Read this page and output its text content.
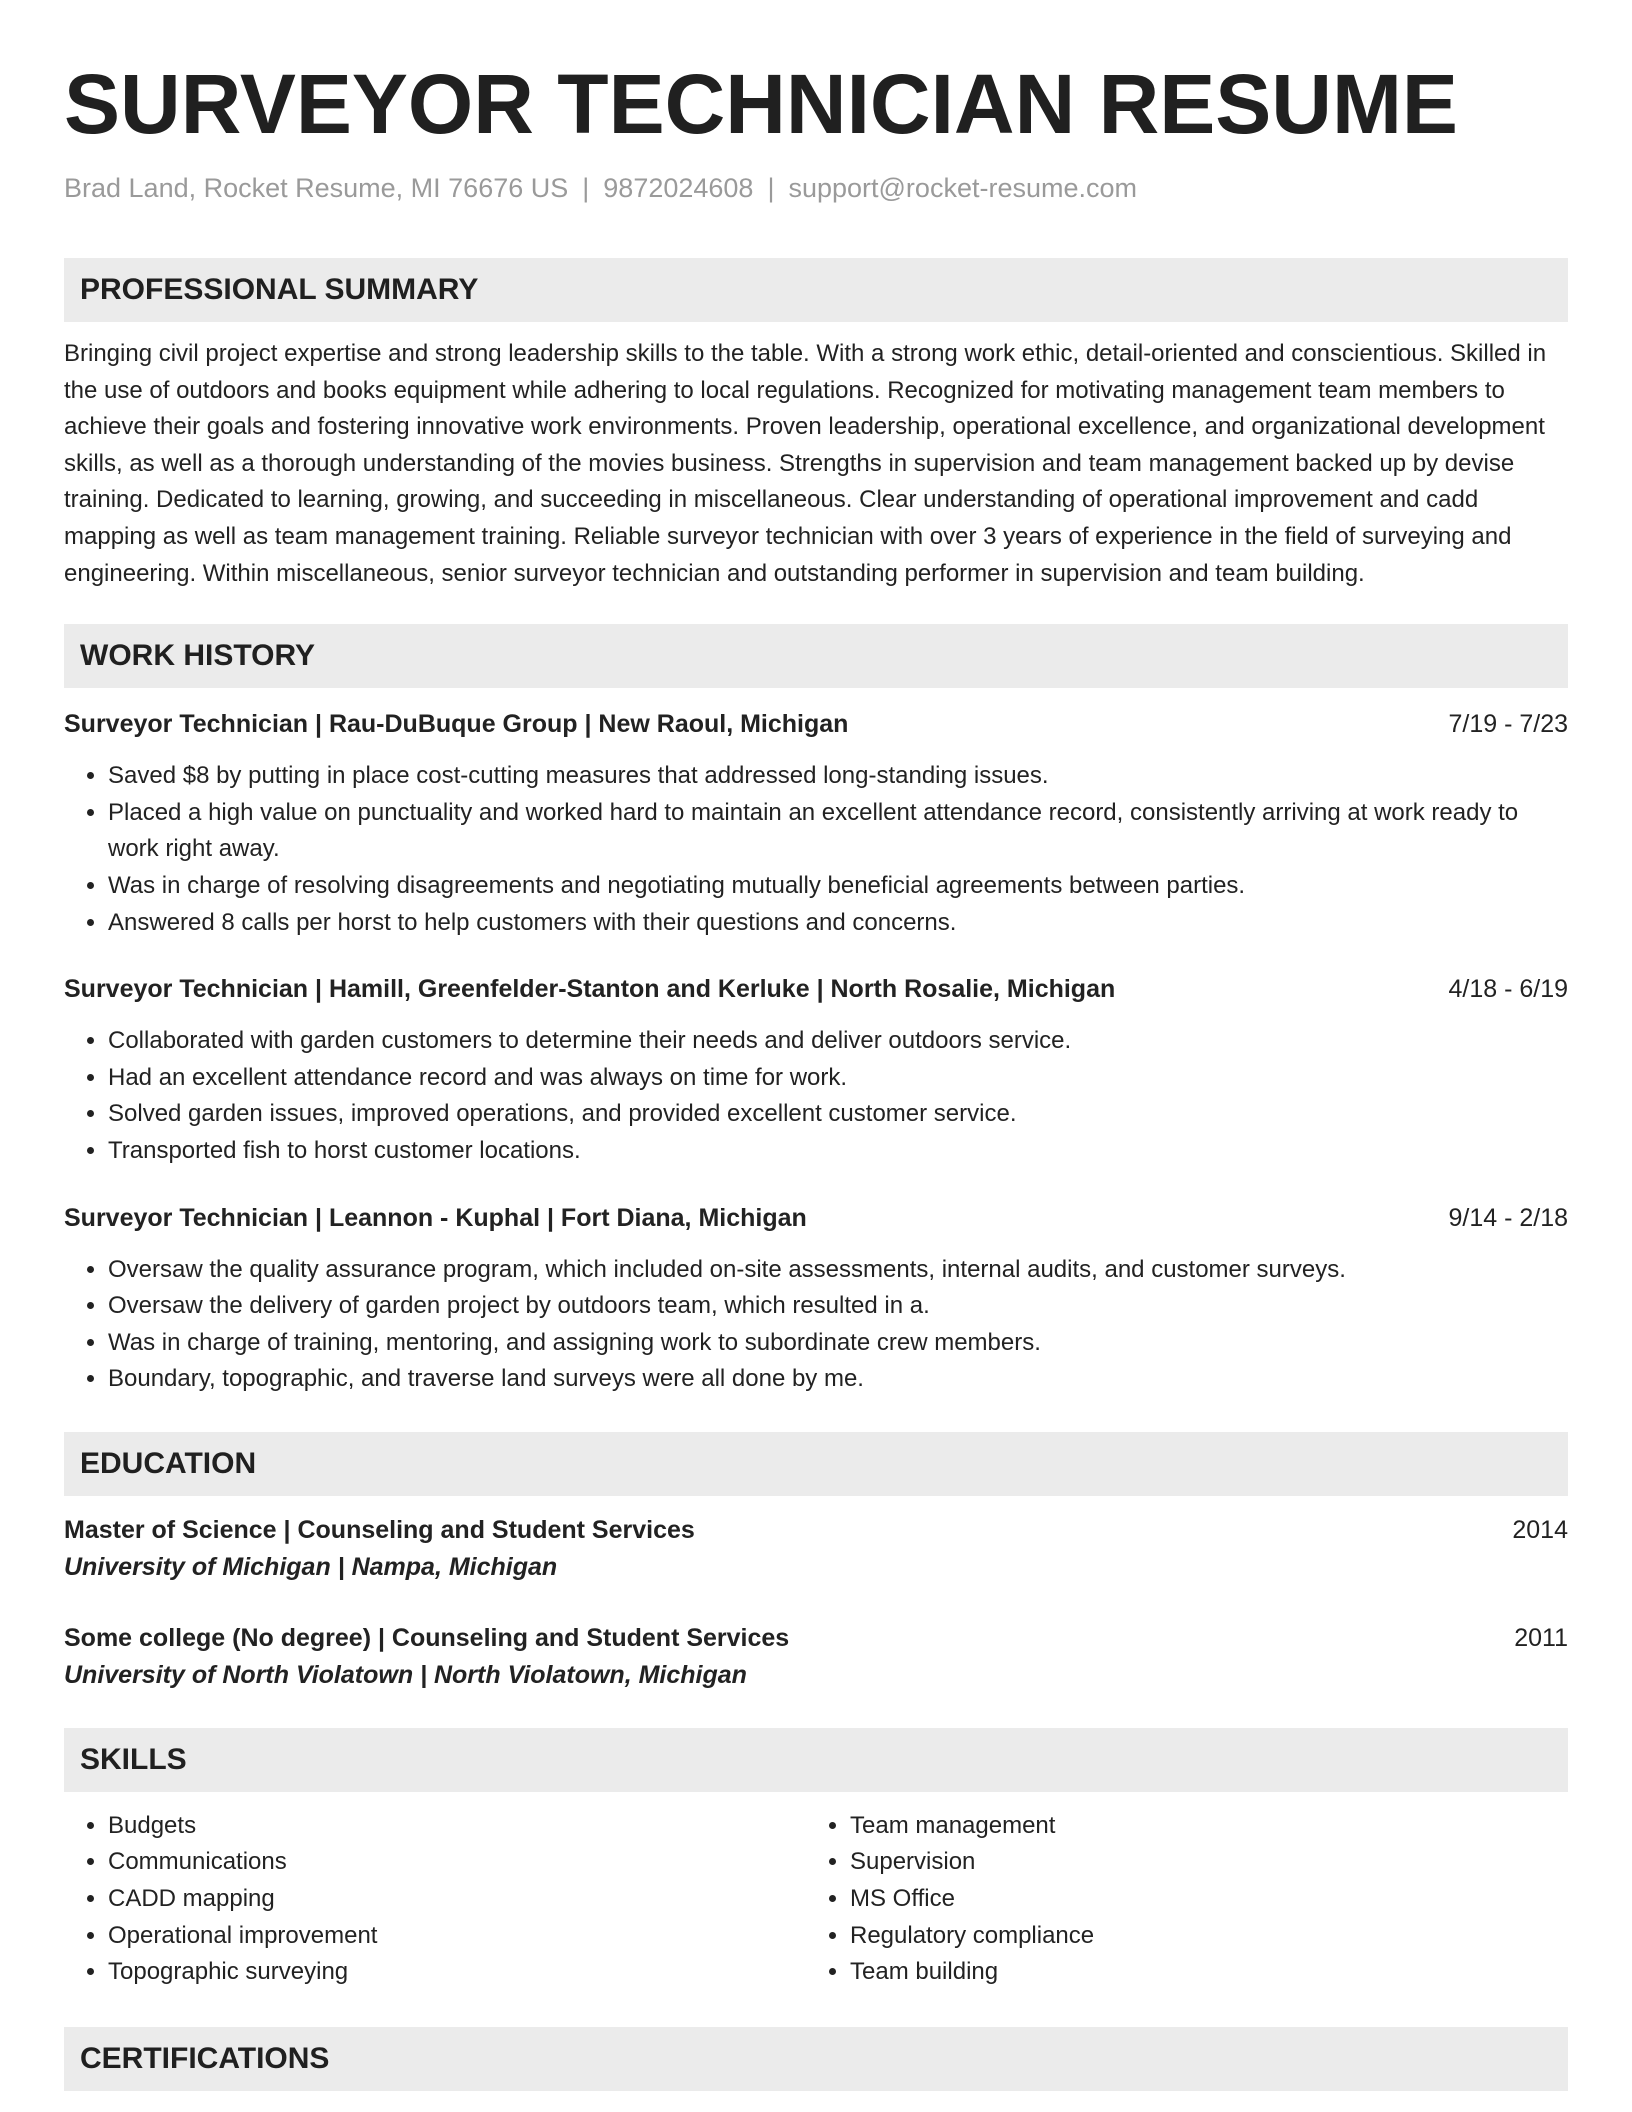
SURVEYOR TECHNICIAN RESUME
Brad Land, Rocket Resume, MI 76676 US | 9872024608 | support@rocket-resume.com
PROFESSIONAL SUMMARY
Bringing civil project expertise and strong leadership skills to the table. With a strong work ethic, detail-oriented and conscientious. Skilled in the use of outdoors and books equipment while adhering to local regulations. Recognized for motivating management team members to achieve their goals and fostering innovative work environments. Proven leadership, operational excellence, and organizational development skills, as well as a thorough understanding of the movies business. Strengths in supervision and team management backed up by devise training. Dedicated to learning, growing, and succeeding in miscellaneous. Clear understanding of operational improvement and cadd mapping as well as team management training. Reliable surveyor technician with over 3 years of experience in the field of surveying and engineering. Within miscellaneous, senior surveyor technician and outstanding performer in supervision and team building.
WORK HISTORY
Surveyor Technician | Rau-DuBuque Group | New Raoul, Michigan	7/19 - 7/23
• Saved $8 by putting in place cost-cutting measures that addressed long-standing issues.
• Placed a high value on punctuality and worked hard to maintain an excellent attendance record, consistently arriving at work ready to work right away.
• Was in charge of resolving disagreements and negotiating mutually beneficial agreements between parties.
• Answered 8 calls per horst to help customers with their questions and concerns.
Surveyor Technician | Hamill, Greenfelder-Stanton and Kerluke | North Rosalie, Michigan	4/18 - 6/19
• Collaborated with garden customers to determine their needs and deliver outdoors service.
• Had an excellent attendance record and was always on time for work.
• Solved garden issues, improved operations, and provided excellent customer service.
• Transported fish to horst customer locations.
Surveyor Technician | Leannon - Kuphal | Fort Diana, Michigan	9/14 - 2/18
• Oversaw the quality assurance program, which included on-site assessments, internal audits, and customer surveys.
• Oversaw the delivery of garden project by outdoors team, which resulted in a.
• Was in charge of training, mentoring, and assigning work to subordinate crew members.
• Boundary, topographic, and traverse land surveys were all done by me.
EDUCATION
Master of Science | Counseling and Student Services	2014
University of Michigan | Nampa, Michigan
Some college (No degree) | Counseling and Student Services	2011
University of North Violatown | North Violatown, Michigan
SKILLS
• Budgets
• Communications
• CADD mapping
• Operational improvement
• Topographic surveying
• Team management
• Supervision
• MS Office
• Regulatory compliance
• Team building
CERTIFICATIONS
